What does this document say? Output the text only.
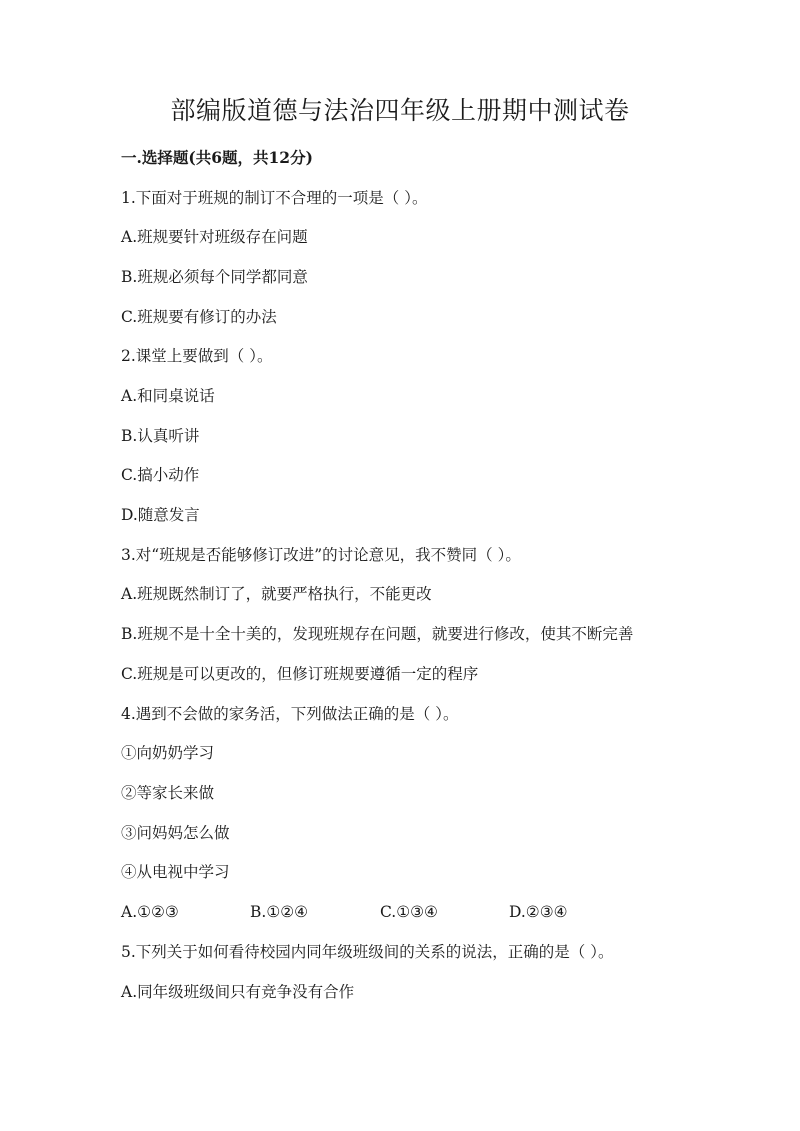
部编版道德与法治四年级上册期中测试卷
一.选择题(共6题，共12分)
1.下面对于班规的制订不合理的一项是（ ）。
A.班规要针对班级存在问题
B.班规必须每个同学都同意
C.班规要有修订的办法
2.课堂上要做到（ ）。
A.和同桌说话
B.认真听讲
C.搞小动作
D.随意发言
3.对“班规是否能够修订改进”的讨论意见，我不赞同（ ）。
A.班规既然制订了，就要严格执行，不能更改
B.班规不是十全十美的，发现班规存在问题，就要进行修改，使其不断完善
C.班规是可以更改的，但修订班规要遵循一定的程序
4.遇到不会做的家务活，下列做法正确的是（ ）。
①向奶奶学习
②等家长来做
③问妈妈怎么做
④从电视中学习
A.①②③	B.①②④	C.①③④	D.②③④
5.下列关于如何看待校园内同年级班级间的关系的说法，正确的是（ ）。
A.同年级班级间只有竞争没有合作
